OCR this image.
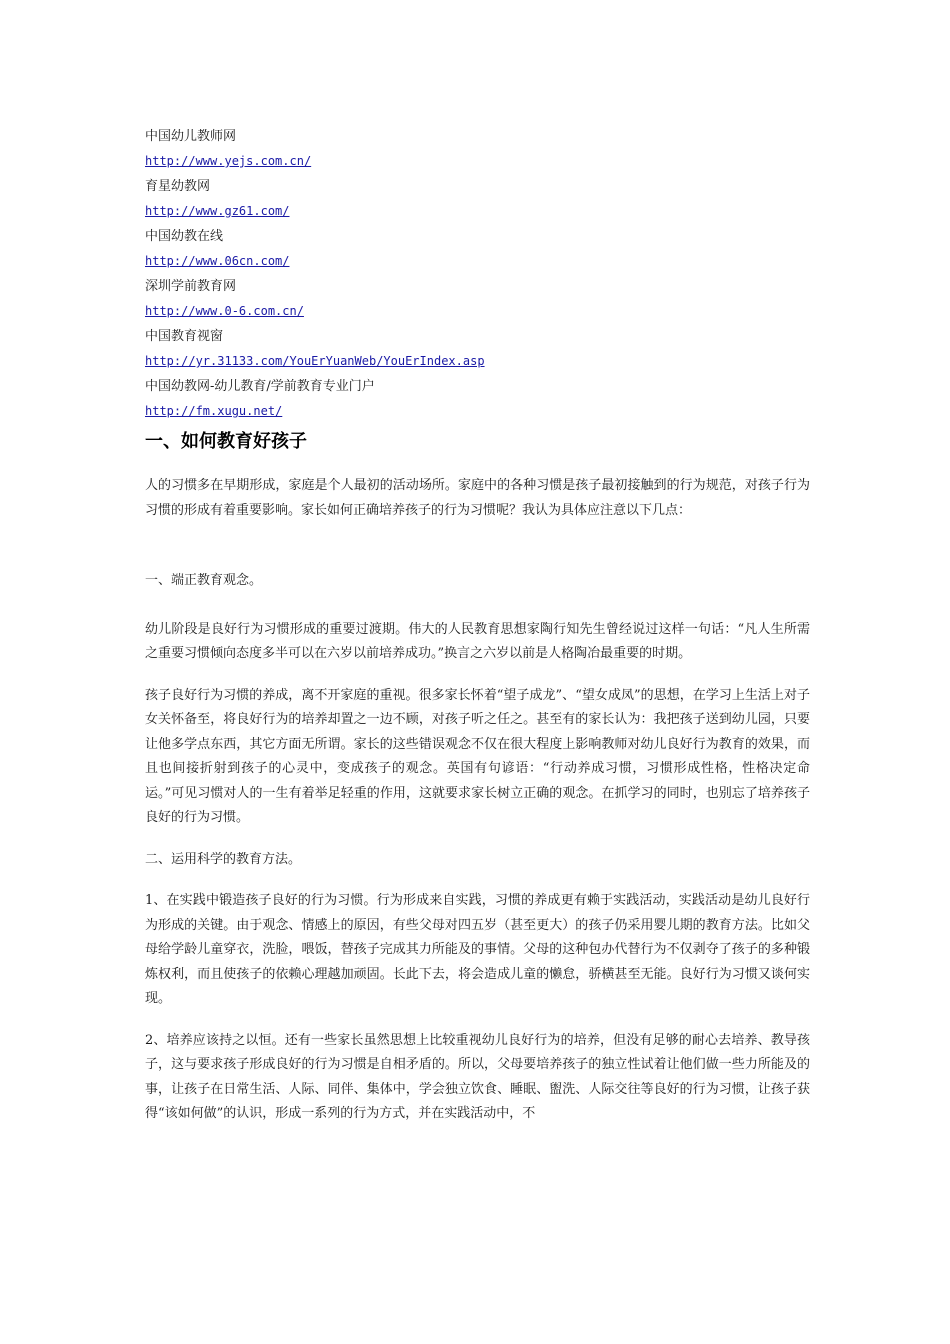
中国幼儿教师网
http://www.yejs.com.cn/
育星幼教网
http://www.gz61.com/
中国幼教在线
http://www.06cn.com/
深圳学前教育网
http://www.0-6.com.cn/
中国教育视窗
http://yr.31133.com/YouErYuanWeb/YouErIndex.asp
中国幼教网-幼儿教育/学前教育专业门户
http://fm.xugu.net/
一、如何教育好孩子

人的习惯多在早期形成，家庭是个人最初的活动场所。家庭中的各种习惯是孩子最初接触到的行为规范，对孩子行为习惯的形成有着重要影响。家长如何正确培养孩子的行为习惯呢？我认为具体应注意以下几点：

一、端正教育观念。

幼儿阶段是良好行为习惯形成的重要过渡期。伟大的人民教育思想家陶行知先生曾经说过这样一句话：“凡人生所需之重要习惯倾向态度多半可以在六岁以前培养成功。”换言之六岁以前是人格陶冶最重要的时期。

孩子良好行为习惯的养成，离不开家庭的重视。很多家长怀着“望子成龙”、“望女成凤”的思想，在学习上生活上对子女关怀备至，将良好行为的培养却置之一边不顾，对孩子听之任之。甚至有的家长认为：我把孩子送到幼儿园，只要让他多学点东西，其它方面无所谓。家长的这些错误观念不仅在很大程度上影响教师对幼儿良好行为教育的效果，而且也间接折射到孩子的心灵中，变成孩子的观念。英国有句谚语：“行动养成习惯，习惯形成性格，性格决定命运。”可见习惯对人的一生有着举足轻重的作用，这就要求家长树立正确的观念。在抓学习的同时，也别忘了培养孩子良好的行为习惯。

二、运用科学的教育方法。

1、在实践中锻造孩子良好的行为习惯。行为形成来自实践，习惯的养成更有赖于实践活动，实践活动是幼儿良好行为形成的关键。由于观念、情感上的原因，有些父母对四五岁（甚至更大）的孩子仍采用婴儿期的教育方法。比如父母给学龄儿童穿衣，洗脸，喂饭，替孩子完成其力所能及的事情。父母的这种包办代替行为不仅剥夺了孩子的多种锻炼权利，而且使孩子的依赖心理越加顽固。长此下去，将会造成儿童的懒怠，骄横甚至无能。良好行为习惯又谈何实现。

2、培养应该持之以恒。还有一些家长虽然思想上比较重视幼儿良好行为的培养，但没有足够的耐心去培养、教导孩子，这与要求孩子形成良好的行为习惯是自相矛盾的。所以，父母要培养孩子的独立性试着让他们做一些力所能及的事，让孩子在日常生活、人际、同伴、集体中，学会独立饮食、睡眠、盥洗、人际交往等良好的行为习惯，让孩子获得“该如何做”的认识，形成一系列的行为方式，并在实践活动中，不
